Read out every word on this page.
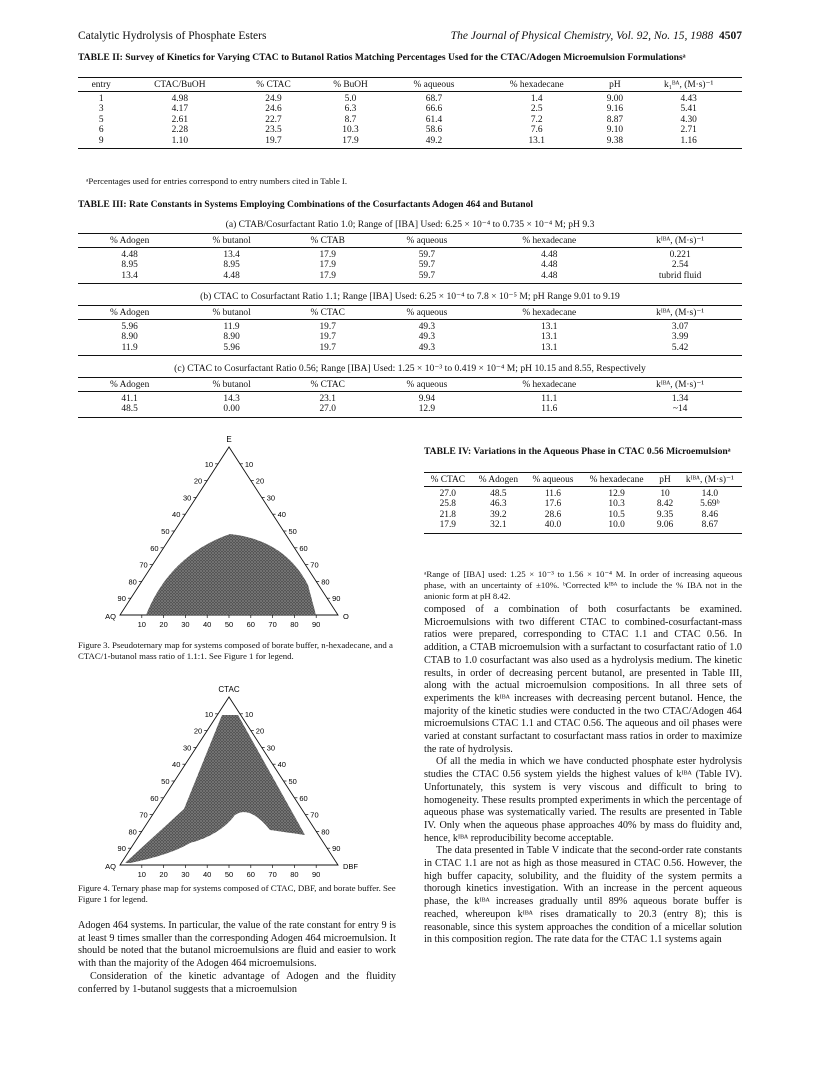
Catalytic Hydrolysis of Phosphate Esters	The Journal of Physical Chemistry, Vol. 92, No. 15, 1988 4507
TABLE II: Survey of Kinetics for Varying CTAC to Butanol Ratios Matching Percentages Used for the CTAC/Adogen Microemulsion Formulationsᵃ
entry	CTAC/BuOH	% CTAC	% BuOH	% aqueous	% hexadecane	pH	k₁ᴮᴬ, (M·s)⁻¹
1	4.98	24.9	5.0	68.7	1.4	9.00	4.43
3	4.17	24.6	6.3	66.6	2.5	9.16	5.41
5	2.61	22.7	8.7	61.4	7.2	8.87	4.30
6	2.28	23.5	10.3	58.6	7.6	9.10	2.71
9	1.10	19.7	17.9	49.2	13.1	9.38	1.16
ᵃPercentages used for entries correspond to entry numbers cited in Table I.
TABLE III: Rate Constants in Systems Employing Combinations of the Cosurfactants Adogen 464 and Butanol
(a) CTAB/Cosurfactant Ratio 1.0; Range of [IBA] Used: 6.25 × 10⁻⁴ to 0.735 × 10⁻⁴ M; pH 9.3
% Adogen	% butanol	% CTAB	% aqueous	% hexadecane	kᴵᴮᴬ, (M·s)⁻¹
4.48	13.4	17.9	59.7	4.48	0.221
8.95	8.95	17.9	59.7	4.48	2.54
13.4	4.48	17.9	59.7	4.48	tubrid fluid
(b) CTAC to Cosurfactant Ratio 1.1; Range [IBA] Used: 6.25 × 10⁻⁴ to 7.8 × 10⁻⁵ M; pH Range 9.01 to 9.19
% Adogen	% butanol	% CTAC	% aqueous	% hexadecane	kᴵᴮᴬ, (M·s)⁻¹
5.96	11.9	19.7	49.3	13.1	3.07
8.90	8.90	19.7	49.3	13.1	3.99
11.9	5.96	19.7	49.3	13.1	5.42
(c) CTAC to Cosurfactant Ratio 0.56; Range [IBA] Used: 1.25 × 10⁻³ to 0.419 × 10⁻⁴ M; pH 10.15 and 8.55, Respectively
% Adogen	% butanol	% CTAC	% aqueous	% hexadecane	kᴵᴮᴬ, (M·s)⁻¹
41.1	14.3	23.1	9.94	11.1	1.34
48.5	0.00	27.0	12.9	11.6	~14
10
10
90
20
20
80
30
30
70
40
40
60
50
50	50
60
60
40
70
70
30
80
80
20
90
90
10
E
AQ	O
Figure 3. Pseudoternary map for systems composed of borate buffer, n-hexadecane, and a CTAC/1-butanol mass ratio of 1.1:1. See Figure 1 for legend.
10
10
90
20
20
80
30
30
70
40
40
60
50
50	50
60
60
40
70
70
30
80
80
20
90
90
10
CTAC
AQ	DBF
Figure 4. Ternary phase map for systems composed of CTAC, DBF, and borate buffer. See Figure 1 for legend.
Adogen 464 systems. In particular, the value of the rate constant for entry 9 is at least 9 times smaller than the corresponding Adogen 464 microemulsion. It should be noted that the butanol microemulsions are fluid and easier to work with than the majority of the Adogen 464 microemulsions.
Consideration of the kinetic advantage of Adogen and the fluidity conferred by 1-butanol suggests that a microemulsion
TABLE IV: Variations in the Aqueous Phase in CTAC 0.56 Microemulsionᵃ
% CTAC	% Adogen	% aqueous	% hexadecane	pH	kᴵᴮᴬ, (M·s)⁻¹
27.0	48.5	11.6	12.9	10	14.0
25.8	46.3	17.6	10.3	8.42	5.69ᵇ
21.8	39.2	28.6	10.5	9.35	8.46
17.9	32.1	40.0	10.0	9.06	8.67
ᵃRange of [IBA] used: 1.25 × 10⁻³ to 1.56 × 10⁻⁴ M. In order of increasing aqueous phase, with an uncertainty of ±10%. ᵇCorrected kᴵᴮᴬ to include the % IBA not in the anionic form at pH 8.42.
composed of a combination of both cosurfactants be examined. Microemulsions with two different CTAC to combined-cosurfactant-mass ratios were prepared, corresponding to CTAC 1.1 and CTAC 0.56. In addition, a CTAB microemulsion with a surfactant to cosurfactant ratio of 1.0 CTAB to 1.0 cosurfactant was also used as a hydrolysis medium. The kinetic results, in order of decreasing percent butanol, are presented in Table III, along with the actual microemulsion compositions. In all three sets of experiments the kᴵᴮᴬ increases with decreasing percent butanol. Hence, the majority of the kinetic studies were conducted in the two CTAC/Adogen 464 microemulsions CTAC 1.1 and CTAC 0.56. The aqueous and oil phases were varied at constant surfactant to cosurfactant mass ratios in order to maximize the rate of hydrolysis.
Of all the media in which we have conducted phosphate ester hydrolysis studies the CTAC 0.56 system yields the highest values of kᴵᴮᴬ (Table IV). Unfortunately, this system is very viscous and difficult to bring to homogeneity. These results prompted experiments in which the percentage of aqueous phase was systematically varied. The results are presented in Table IV. Only when the aqueous phase approaches 40% by mass do fluidity and, hence, kᴵᴮᴬ reproducibility become acceptable.
The data presented in Table V indicate that the second-order rate constants in CTAC 1.1 are not as high as those measured in CTAC 0.56. However, the high buffer capacity, solubility, and the fluidity of the system permits a thorough kinetics investigation. With an increase in the percent aqueous phase, the kᴵᴮᴬ increases gradually until 89% aqueous borate buffer is reached, whereupon kᴵᴮᴬ rises dramatically to 20.3 (entry 8); this is reasonable, since this system approaches the condition of a micellar solution in this composition region. The rate data for the CTAC 1.1 systems again
